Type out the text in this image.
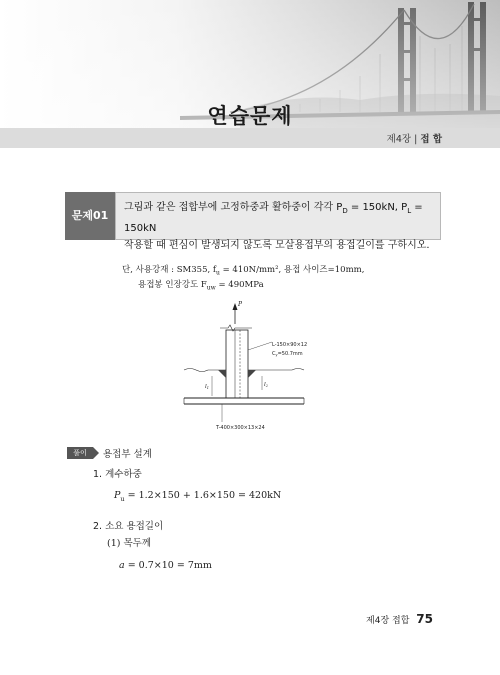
연습문제
제4장 | 접 합
문제01
그림과 같은 접합부에 고정하중과 활하중이 각각 $P_D = 150kN$, $P_L = 150kN$
작용할 때 편심이 발생되지 않도록 모살용접부의 용접길이를 구하시오.
단, 사용강재 : SM355, $f_u = 410N/mm^2$, 용접 사이즈=10mm,
용접봉 인장강도 $F_{uw} = 490MPa$
P
L-150×90×12
$C_y=50.7mm$
l1	l2
T-400×300×13×24
풀이	용접부 설계
1. 계수하중
$P_u = 1.2\times 150 + 1.6\times 150 = 420kN$
2. 소요 용접길이
(1) 목두께
a = 0.7×10 = 7mm
제4장 접합 75
